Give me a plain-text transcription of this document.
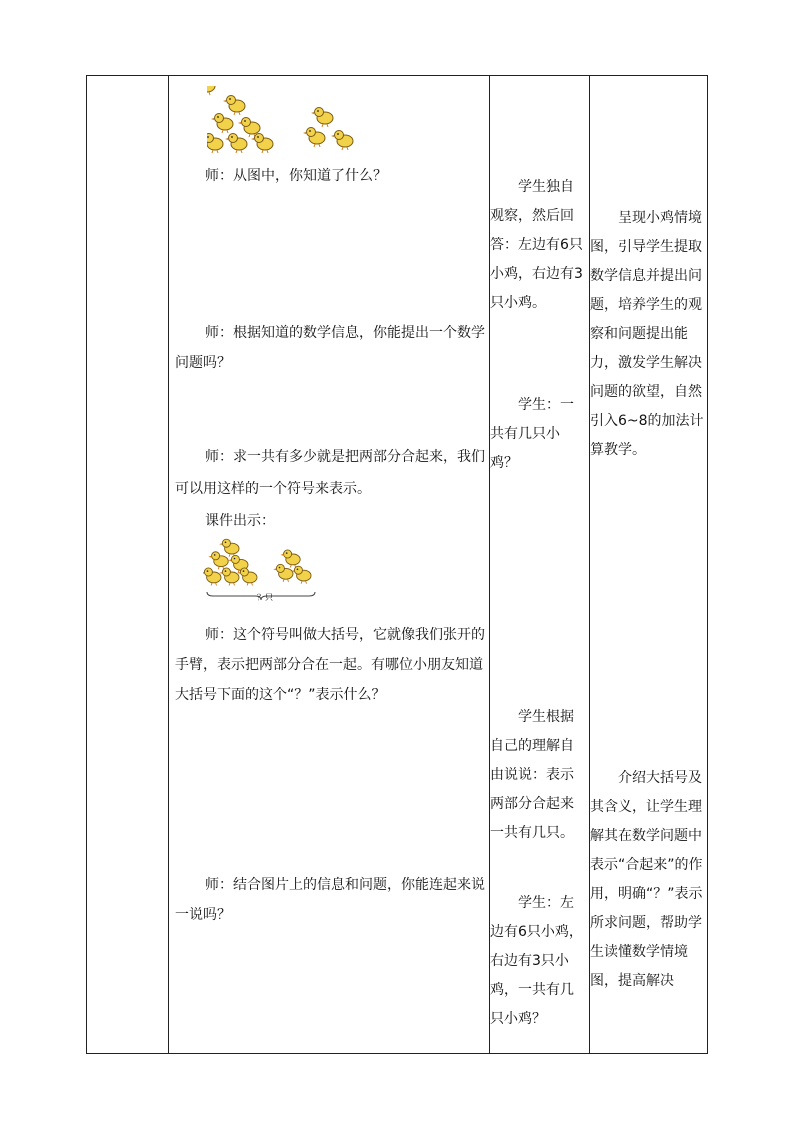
师：从图中，你知道了什么？
师：根据知道的数学信息，你能提出一个数学
问题吗？
师：求一共有多少就是把两部分合起来，我们
可以用这样的一个符号来表示。
课件出示：
？只
师：这个符号叫做大括号，它就像我们张开的
手臂，表示把两部分合在一起。有哪位小朋友知道
大括号下面的这个“？”表示什么？
师：结合图片上的信息和问题，你能连起来说
一说吗？
学生独自观察，然后回答：左边有6只小鸡，右边有3只小鸡。
学生：一共有几只小鸡？
学生根据自己的理解自由说说：表示两部分合起来一共有几只。
学生：左边有6只小鸡，右边有3只小鸡，一共有几只小鸡？
呈现小鸡情境图，引导学生提取数学信息并提出问题，培养学生的观察和问题提出能力，激发学生解决问题的欲望，自然引入6~8的加法计算教学。
介绍大括号及其含义，让学生理解其在数学问题中表示“合起来”的作用，明确“？”表示所求问题，帮助学生读懂数学情境图，提高解决
